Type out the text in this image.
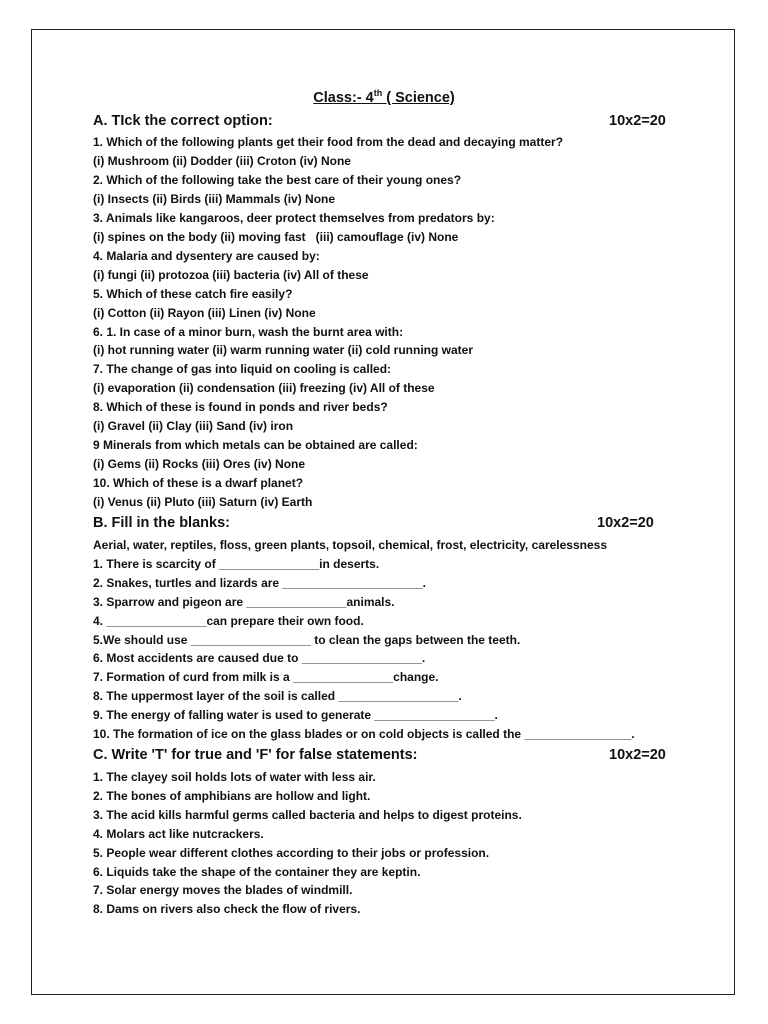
Class:- 4th ( Science)
A. TIck the correct option:	10x2=20
1. Which of the following plants get their food from the dead and decaying matter?
(i) Mushroom (ii) Dodder (iii) Croton (iv) None
2. Which of the following take the best care of their young ones?
(i) Insects (ii) Birds (iii) Mammals (iv) None
3. Animals like kangaroos, deer protect themselves from predators by:
(i) spines on the body (ii) moving fast   (iii) camouflage (iv) None
4. Malaria and dysentery are caused by:
(i) fungi (ii) protozoa (iii) bacteria (iv) All of these
5. Which of these catch fire easily?
(i) Cotton (ii) Rayon (iii) Linen (iv) None
6. 1. In case of a minor burn, wash the burnt area with:
(i) hot running water (ii) warm running water (ii) cold running water
7. The change of gas into liquid on cooling is called:
(i) evaporation (ii) condensation (iii) freezing (iv) All of these
8. Which of these is found in ponds and river beds?
(i) Gravel (ii) Clay (iii) Sand (iv) iron
9 Minerals from which metals can be obtained are called:
(i) Gems (ii) Rocks (iii) Ores (iv) None
10. Which of these is a dwarf planet?
(i) Venus (ii) Pluto (iii) Saturn (iv) Earth
B. Fill in the blanks:	10x2=20
Aerial, water, reptiles, floss, green plants, topsoil, chemical, frost, electricity, carelessness
1. There is scarcity of _______________in deserts.
2. Snakes, turtles and lizards are _____________________.
3. Sparrow and pigeon are _______________animals.
4. _______________can prepare their own food.
5.We should use __________________ to clean the gaps between the teeth.
6. Most accidents are caused due to __________________.
7. Formation of curd from milk is a _______________change.
8. The uppermost layer of the soil is called __________________.
9. The energy of falling water is used to generate __________________.
10. The formation of ice on the glass blades or on cold objects is called the ________________.
C. Write 'T' for true and 'F' for false statements:	10x2=20
1. The clayey soil holds lots of water with less air.
2. The bones of amphibians are hollow and light.
3. The acid kills harmful germs called bacteria and helps to digest proteins.
4. Molars act like nutcrackers.
5. People wear different clothes according to their jobs or profession.
6. Liquids take the shape of the container they are keptin.
7. Solar energy moves the blades of windmill.
8. Dams on rivers also check the flow of rivers.
